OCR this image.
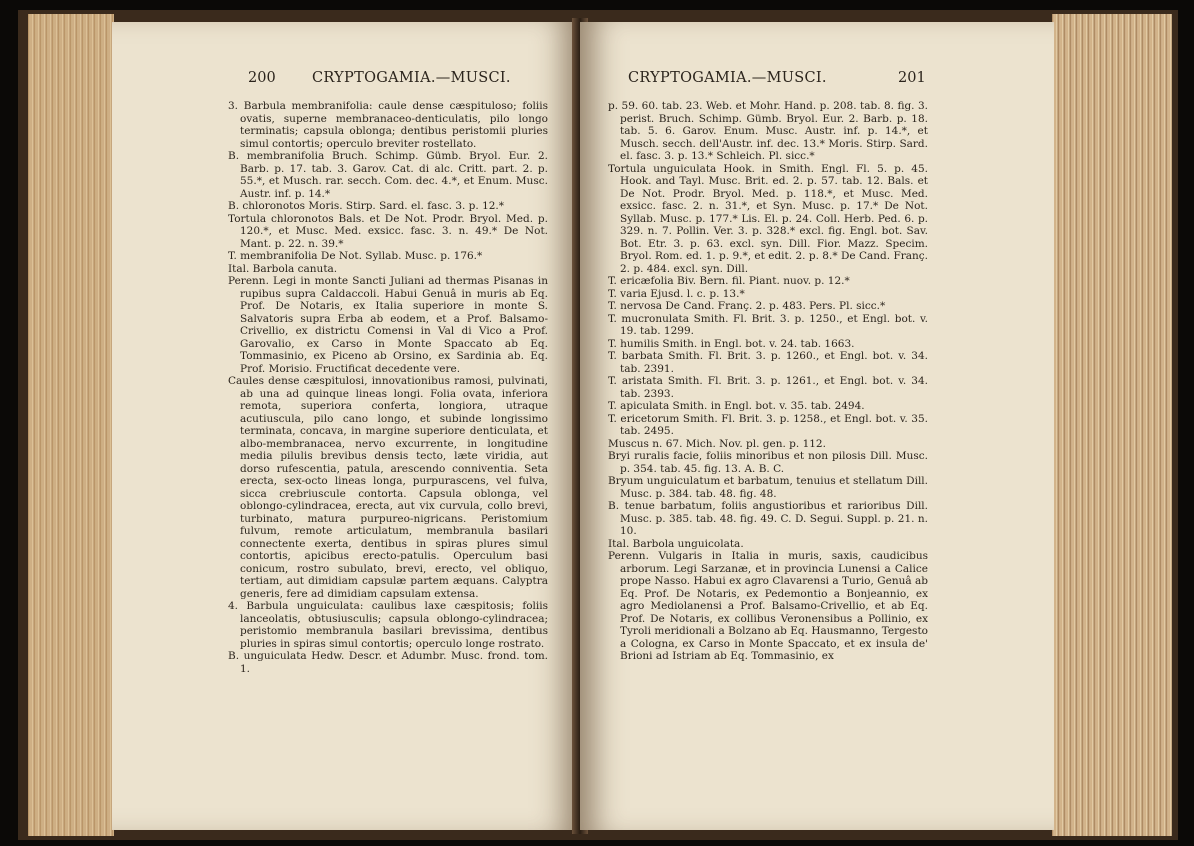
200	CRYPTOGAMIA.—MUSCI.

3. Barbula membranifolia: caule dense cæspituloso; foliis ovatis, superne membranaceo-denticulatis, pilo longo terminatis; capsula oblonga; dentibus peristomii pluries simul contortis; operculo breviter rostellato.

B. membranifolia Bruch. Schimp. Gümb. Bryol. Eur. 2. Barb. p. 17. tab. 3. Garov. Cat. di alc. Critt. part. 2. p. 55.*, et Musch. rar. secch. Com. dec. 4.*, et Enum. Musc. Austr. inf. p. 14.*

B. chloronotos Moris. Stirp. Sard. el. fasc. 3. p. 12.*

Tortula chloronotos Bals. et De Not. Prodr. Bryol. Med. p. 120.*, et Musc. Med. exsicc. fasc. 3. n. 49.* De Not. Mant. p. 22. n. 39.*

T. membranifolia De Not. Syllab. Musc. p. 176.*

Ital. Barbola canuta.

Perenn. Legi in monte Sancti Juliani ad thermas Pisanas in rupibus supra Caldaccoli. Habui Genuâ in muris ab Eq. Prof. De Notaris, ex Italia superiore in monte S. Salvatoris supra Erba ab eodem, et a Prof. Balsamo-Crivellio, ex districtu Comensi in Val di Vico a Prof. Garovalio, ex Carso in Monte Spaccato ab Eq. Tommasinio, ex Piceno ab Orsino, ex Sardinia ab. Eq. Prof. Morisio. Fructificat decedente vere.

Caules dense cæspitulosi, innovationibus ramosi, pulvinati, ab una ad quinque lineas longi. Folia ovata, inferiora remota, superiora conferta, longiora, utraque acutiuscula, pilo cano longo, et subinde longissimo terminata, concava, in margine superiore denticulata, et albo-membranacea, nervo excurrente, in longitudine media pilulis brevibus densis tecto, læte viridia, aut dorso rufescentia, patula, arescendo conniventia. Seta erecta, sex-octo lineas longa, purpurascens, vel fulva, sicca crebriuscule contorta. Capsula oblonga, vel oblongo-cylindracea, erecta, aut vix curvula, collo brevi, turbinato, matura purpureo-nigricans. Peristomium fulvum, remote articulatum, membranula basilari connectente exerta, dentibus in spiras plures simul contortis, apicibus erecto-patulis. Operculum basi conicum, rostro subulato, brevi, erecto, vel obliquo, tertiam, aut dimidiam capsulæ partem æquans. Calyptra generis, fere ad dimidiam capsulam extensa.

4. Barbula unguiculata: caulibus laxe cæspitosis; foliis lanceolatis, obtusiusculis; capsula oblongo-cylindracea; peristomio membranula basilari brevissima, dentibus pluries in spiras simul contortis; operculo longe rostrato.

B. unguiculata Hedw. Descr. et Adumbr. Musc. frond. tom. 1.

CRYPTOGAMIA.—MUSCI.	201

p. 59. 60. tab. 23. Web. et Mohr. Hand. p. 208. tab. 8. fig. 3. perist. Bruch. Schimp. Gümb. Bryol. Eur. 2. Barb. p. 18. tab. 5. 6. Garov. Enum. Musc. Austr. inf. p. 14.*, et Musch. secch. dell'Austr. inf. dec. 13.* Moris. Stirp. Sard. el. fasc. 3. p. 13.* Schleich. Pl. sicc.*

Tortula unguiculata Hook. in Smith. Engl. Fl. 5. p. 45. Hook. and Tayl. Musc. Brit. ed. 2. p. 57. tab. 12. Bals. et De Not. Prodr. Bryol. Med. p. 118.*, et Musc. Med. exsicc. fasc. 2. n. 31.*, et Syn. Musc. p. 17.* De Not. Syllab. Musc. p. 177.* Lis. El. p. 24. Coll. Herb. Ped. 6. p. 329. n. 7. Pollin. Ver. 3. p. 328.* excl. fig. Engl. bot. Sav. Bot. Etr. 3. p. 63. excl. syn. Dill. Fior. Mazz. Specim. Bryol. Rom. ed. 1. p. 9.*, et edit. 2. p. 8.* De Cand. Franç. 2. p. 484. excl. syn. Dill.

T. ericæfolia Biv. Bern. fil. Piant. nuov. p. 12.*

T. varia Ejusd. l. c. p. 13.*

T. nervosa De Cand. Franç. 2. p. 483. Pers. Pl. sicc.*

T. mucronulata Smith. Fl. Brit. 3. p. 1250., et Engl. bot. v. 19. tab. 1299.

T. humilis Smith. in Engl. bot. v. 24. tab. 1663.

T. barbata Smith. Fl. Brit. 3. p. 1260., et Engl. bot. v. 34. tab. 2391.

T. aristata Smith. Fl. Brit. 3. p. 1261., et Engl. bot. v. 34. tab. 2393.

T. apiculata Smith. in Engl. bot. v. 35. tab. 2494.

T. ericetorum Smith. Fl. Brit. 3. p. 1258., et Engl. bot. v. 35. tab. 2495.

Muscus n. 67. Mich. Nov. pl. gen. p. 112.

Bryi ruralis facie, foliis minoribus et non pilosis Dill. Musc. p. 354. tab. 45. fig. 13. A. B. C.

Bryum unguiculatum et barbatum, tenuius et stellatum Dill. Musc. p. 384. tab. 48. fig. 48.

B. tenue barbatum, foliis angustioribus et rarioribus Dill. Musc. p. 385. tab. 48. fig. 49. C. D. Segui. Suppl. p. 21. n. 10.

Ital. Barbola unguicolata.

Perenn. Vulgaris in Italia in muris, saxis, caudicibus arborum. Legi Sarzanæ, et in provincia Lunensi a Calice prope Nasso. Habui ex agro Clavarensi a Turio, Genuâ ab Eq. Prof. De Notaris, ex Pedemontio a Bonjeannio, ex agro Mediolanensi a Prof. Balsamo-Crivellio, et ab Eq. Prof. De Notaris, ex collibus Veronensibus a Pollinio, ex Tyroli meridionali a Bolzano ab Eq. Hausmanno, Tergesto a Cologna, ex Carso in Monte Spaccato, et ex insula de' Brioni ad Istriam ab Eq. Tommasinio, ex
